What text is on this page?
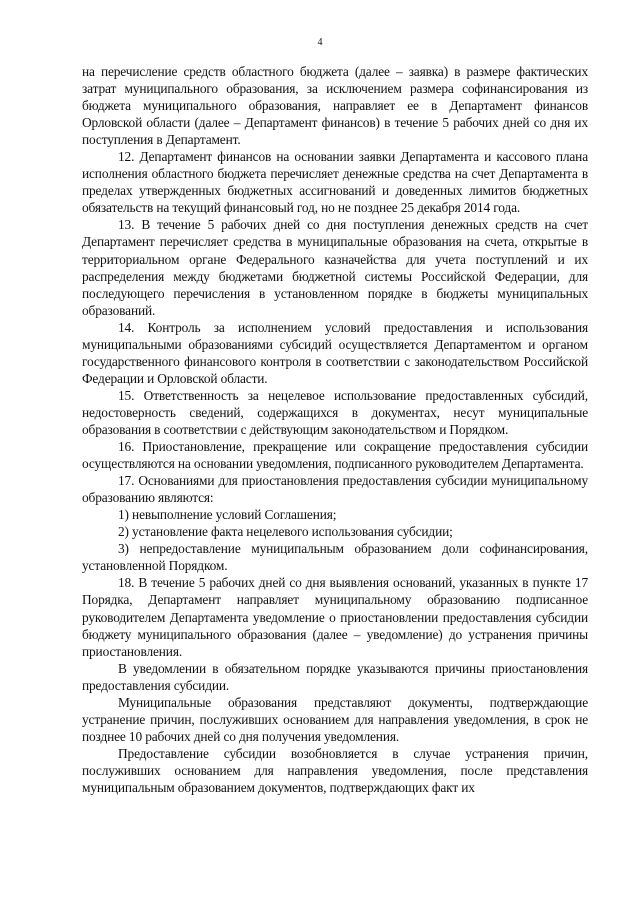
4

на перечисление средств областного бюджета (далее – заявка) в размере фактических затрат муниципального образования, за исключением размера софинансирования из бюджета муниципального образования, направляет ее в Департамент финансов Орловской области (далее – Департамент финансов) в течение 5 рабочих дней со дня их поступления в Департамент.

12. Департамент финансов на основании заявки Департамента и кассового плана исполнения областного бюджета перечисляет денежные средства на счет Департамента в пределах утвержденных бюджетных ассигнований и доведенных лимитов бюджетных обязательств на текущий финансовый год, но не позднее 25 декабря 2014 года.

13. В течение 5 рабочих дней со дня поступления денежных средств на счет Департамент перечисляет средства в муниципальные образования на счета, открытые в территориальном органе Федерального казначейства для учета поступлений и их распределения между бюджетами бюджетной системы Российской Федерации, для последующего перечисления в установленном порядке в бюджеты муниципальных образований.

14. Контроль за исполнением условий предоставления и использования муниципальными образованиями субсидий осуществляется Департаментом и органом государственного финансового контроля в соответствии с законодательством Российской Федерации и Орловской области.

15. Ответственность за нецелевое использование предоставленных субсидий, недостоверность сведений, содержащихся в документах, несут муниципальные образования в соответствии с действующим законодательством и Порядком.

16. Приостановление, прекращение или сокращение предоставления субсидии осуществляются на основании уведомления, подписанного руководителем Департамента.

17. Основаниями для приостановления предоставления субсидии муниципальному образованию являются:

1) невыполнение условий Соглашения;

2) установление факта нецелевого использования субсидии;

3) непредоставление муниципальным образованием доли софинансирования, установленной Порядком.

18. В течение 5 рабочих дней со дня выявления оснований, указанных в пункте 17 Порядка, Департамент направляет муниципальному образованию подписанное руководителем Департамента уведомление о приостановлении предоставления субсидии бюджету муниципального образования (далее – уведомление) до устранения причины приостановления.

В уведомлении в обязательном порядке указываются причины приостановления предоставления субсидии.

Муниципальные образования представляют документы, подтверждающие устранение причин, послуживших основанием для направления уведомления, в срок не позднее 10 рабочих дней со дня получения уведомления.

Предоставление субсидии возобновляется в случае устранения причин, послуживших основанием для направления уведомления, после представления муниципальным образованием документов, подтверждающих факт их
